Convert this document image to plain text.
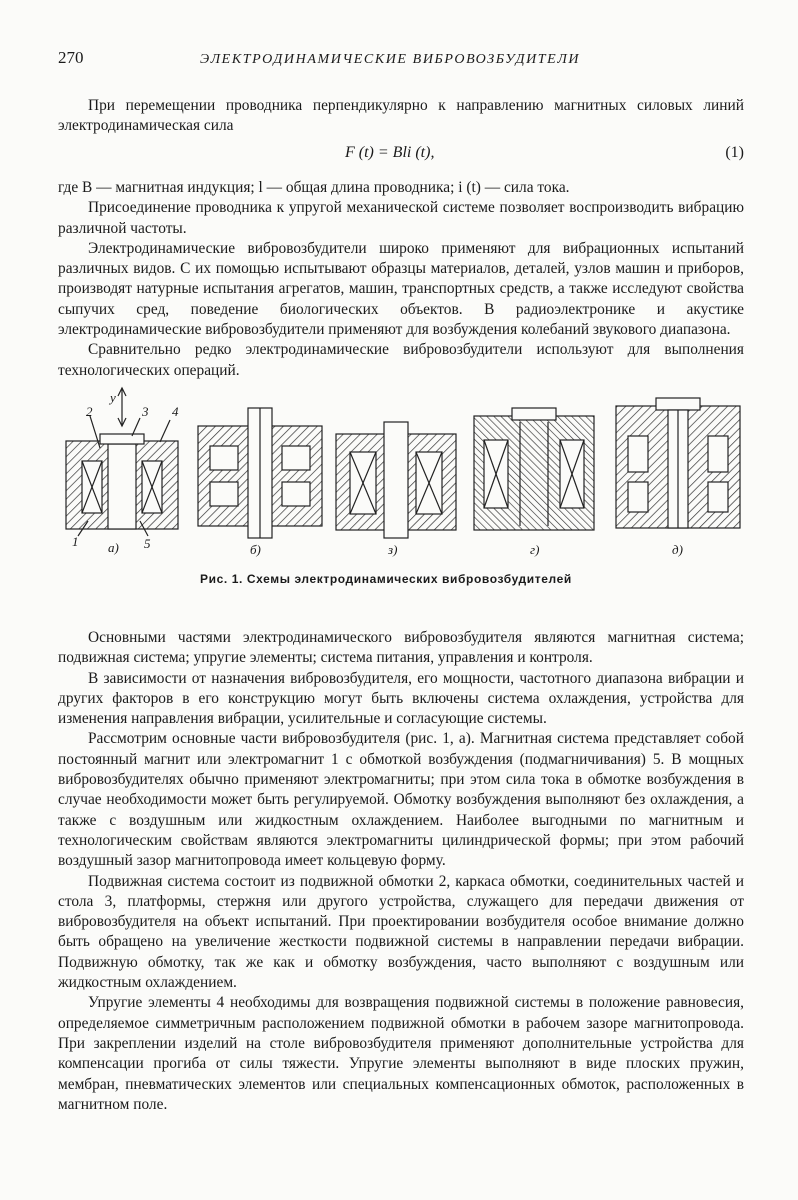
270	ЭЛЕКТРОДИНАМИЧЕСКИЕ ВИБРОВОЗБУДИТЕЛИ

При перемещении проводника перпендикулярно к направлению магнитных силовых линий электродинамическая сила

F (t) = Bli (t),	(1)

где B — магнитная индукция; l — общая длина проводника; i (t) — сила тока.

Присоединение проводника к упругой механической системе позволяет воспроизводить вибрацию различной частоты.

Электродинамические вибровозбудители широко применяют для вибрационных испытаний различных видов. С их помощью испытывают образцы материалов, деталей, узлов машин и приборов, производят натурные испытания агрегатов, машин, транспортных средств, а также исследуют свойства сыпучих сред, поведение биологических объектов. В радиоэлектронике и акустике электродинамические вибровозбудители применяют для возбуждения колебаний звукового диапазона.

Сравнительно редко электродинамические вибровозбудители используют для выполнения технологических операций.

y
1
2	3 4
5
а)	б)	з)	г)	д)
Рис. 1. Схемы электродинамических вибровозбудителей

Основными частями электродинамического вибровозбудителя являются магнитная система; подвижная система; упругие элементы; система питания, управления и контроля.

В зависимости от назначения вибровозбудителя, его мощности, частотного диапазона вибрации и других факторов в его конструкцию могут быть включены система охлаждения, устройства для изменения направления вибрации, усилительные и согласующие системы.

Рассмотрим основные части вибровозбудителя (рис. 1, а). Магнитная система представляет собой постоянный магнит или электромагнит 1 с обмоткой возбуждения (подмагничивания) 5. В мощных вибровозбудителях обычно применяют электромагниты; при этом сила тока в обмотке возбуждения в случае необходимости может быть регулируемой. Обмотку возбуждения выполняют без охлаждения, а также с воздушным или жидкостным охлаждением. Наиболее выгодными по магнитным и технологическим свойствам являются электромагниты цилиндрической формы; при этом рабочий воздушный зазор магнитопровода имеет кольцевую форму.

Подвижная система состоит из подвижной обмотки 2, каркаса обмотки, соединительных частей и стола 3, платформы, стержня или другого устройства, служащего для передачи движения от вибровозбудителя на объект испытаний. При проектировании возбудителя особое внимание должно быть обращено на увеличение жесткости подвижной системы в направлении передачи вибрации. Подвижную обмотку, так же как и обмотку возбуждения, часто выполняют с воздушным или жидкостным охлаждением.

Упругие элементы 4 необходимы для возвращения подвижной системы в положение равновесия, определяемое симметричным расположением подвижной обмотки в рабочем зазоре магнитопровода. При закреплении изделий на столе вибровозбудителя применяют дополнительные устройства для компенсации прогиба от силы тяжести. Упругие элементы выполняют в виде плоских пружин, мембран, пневматических элементов или специальных компенсационных обмоток, расположенных в магнитном поле.
